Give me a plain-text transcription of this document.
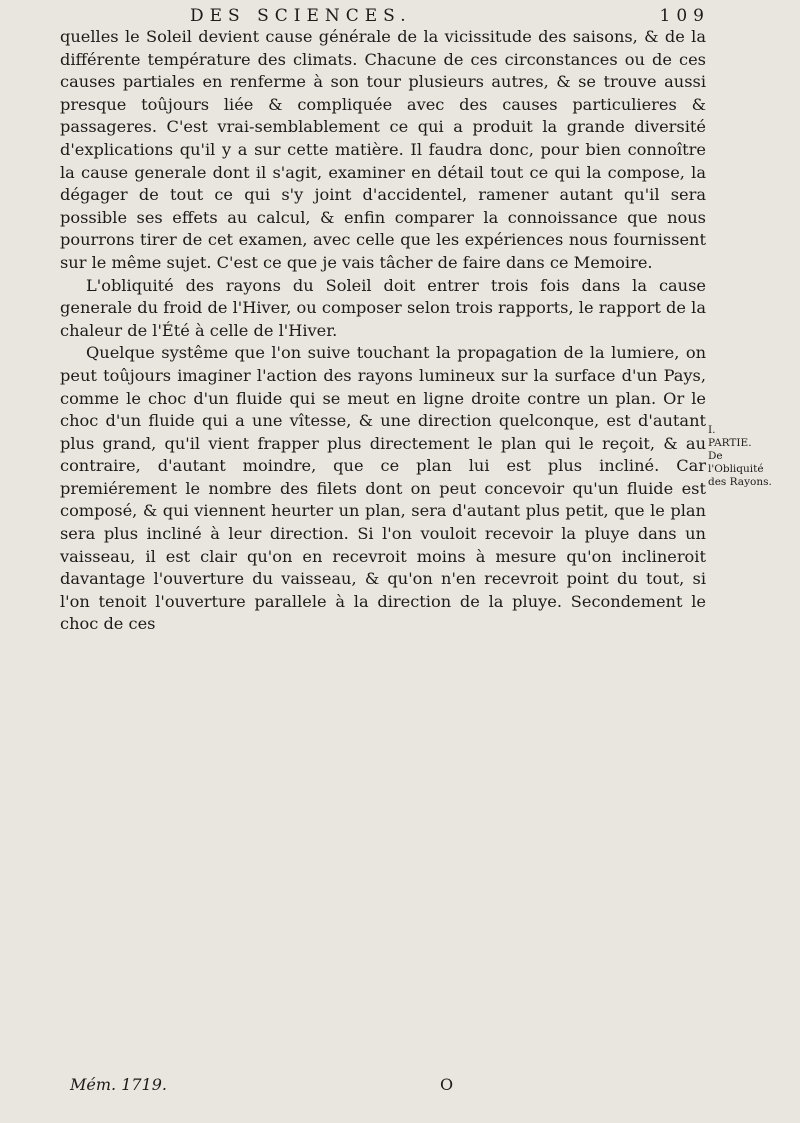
DES SCIENCES.	109

quelles le Soleil devient cause générale de la vicissitude des saisons, & de la différente température des climats. Chacune de ces circonstances ou de ces causes partiales en renferme à son tour plusieurs autres, & se trouve aussi presque toûjours liée & compliquée avec des causes particulieres & passageres. C'est vrai-semblablement ce qui a produit la grande diversité d'explications qu'il y a sur cette matière. Il faudra donc, pour bien connoître la cause generale dont il s'agit, examiner en détail tout ce qui la compose, la dégager de tout ce qui s'y joint d'accidentel, ramener autant qu'il sera possible ses effets au calcul, & enfin comparer la connoissance que nous pourrons tirer de cet examen, avec celle que les expériences nous fournissent sur le même sujet. C'est ce que je vais tâcher de faire dans ce Memoire.

L'obliquité des rayons du Soleil doit entrer trois fois dans la cause generale du froid de l'Hiver, ou composer selon trois rapports, le rapport de la chaleur de l'Été à celle de l'Hiver.

Quelque systême que l'on suive touchant la propagation de la lumiere, on peut toûjours imaginer l'action des rayons lumineux sur la surface d'un Pays, comme le choc d'un fluide qui se meut en ligne droite contre un plan. Or le choc d'un fluide qui a une vîtesse, & une direction quelconque, est d'autant plus grand, qu'il vient frapper plus directement le plan qui le reçoit, & au contraire, d'autant moindre, que ce plan lui est plus incliné. Car premiérement le nombre des filets dont on peut concevoir qu'un fluide est composé, & qui viennent heurter un plan, sera d'autant plus petit, que le plan sera plus incliné à leur direction. Si l'on vouloit recevoir la pluye dans un vaisseau, il est clair qu'on en recevroit moins à mesure qu'on inclineroit davantage l'ouverture du vaisseau, & qu'on n'en recevroit point du tout, si l'on tenoit l'ouverture parallele à la direction de la pluye. Secondement le choc de ces

I.
PARTIE.
De l'Obliquité des Rayons.
Mém. 1719.	O
